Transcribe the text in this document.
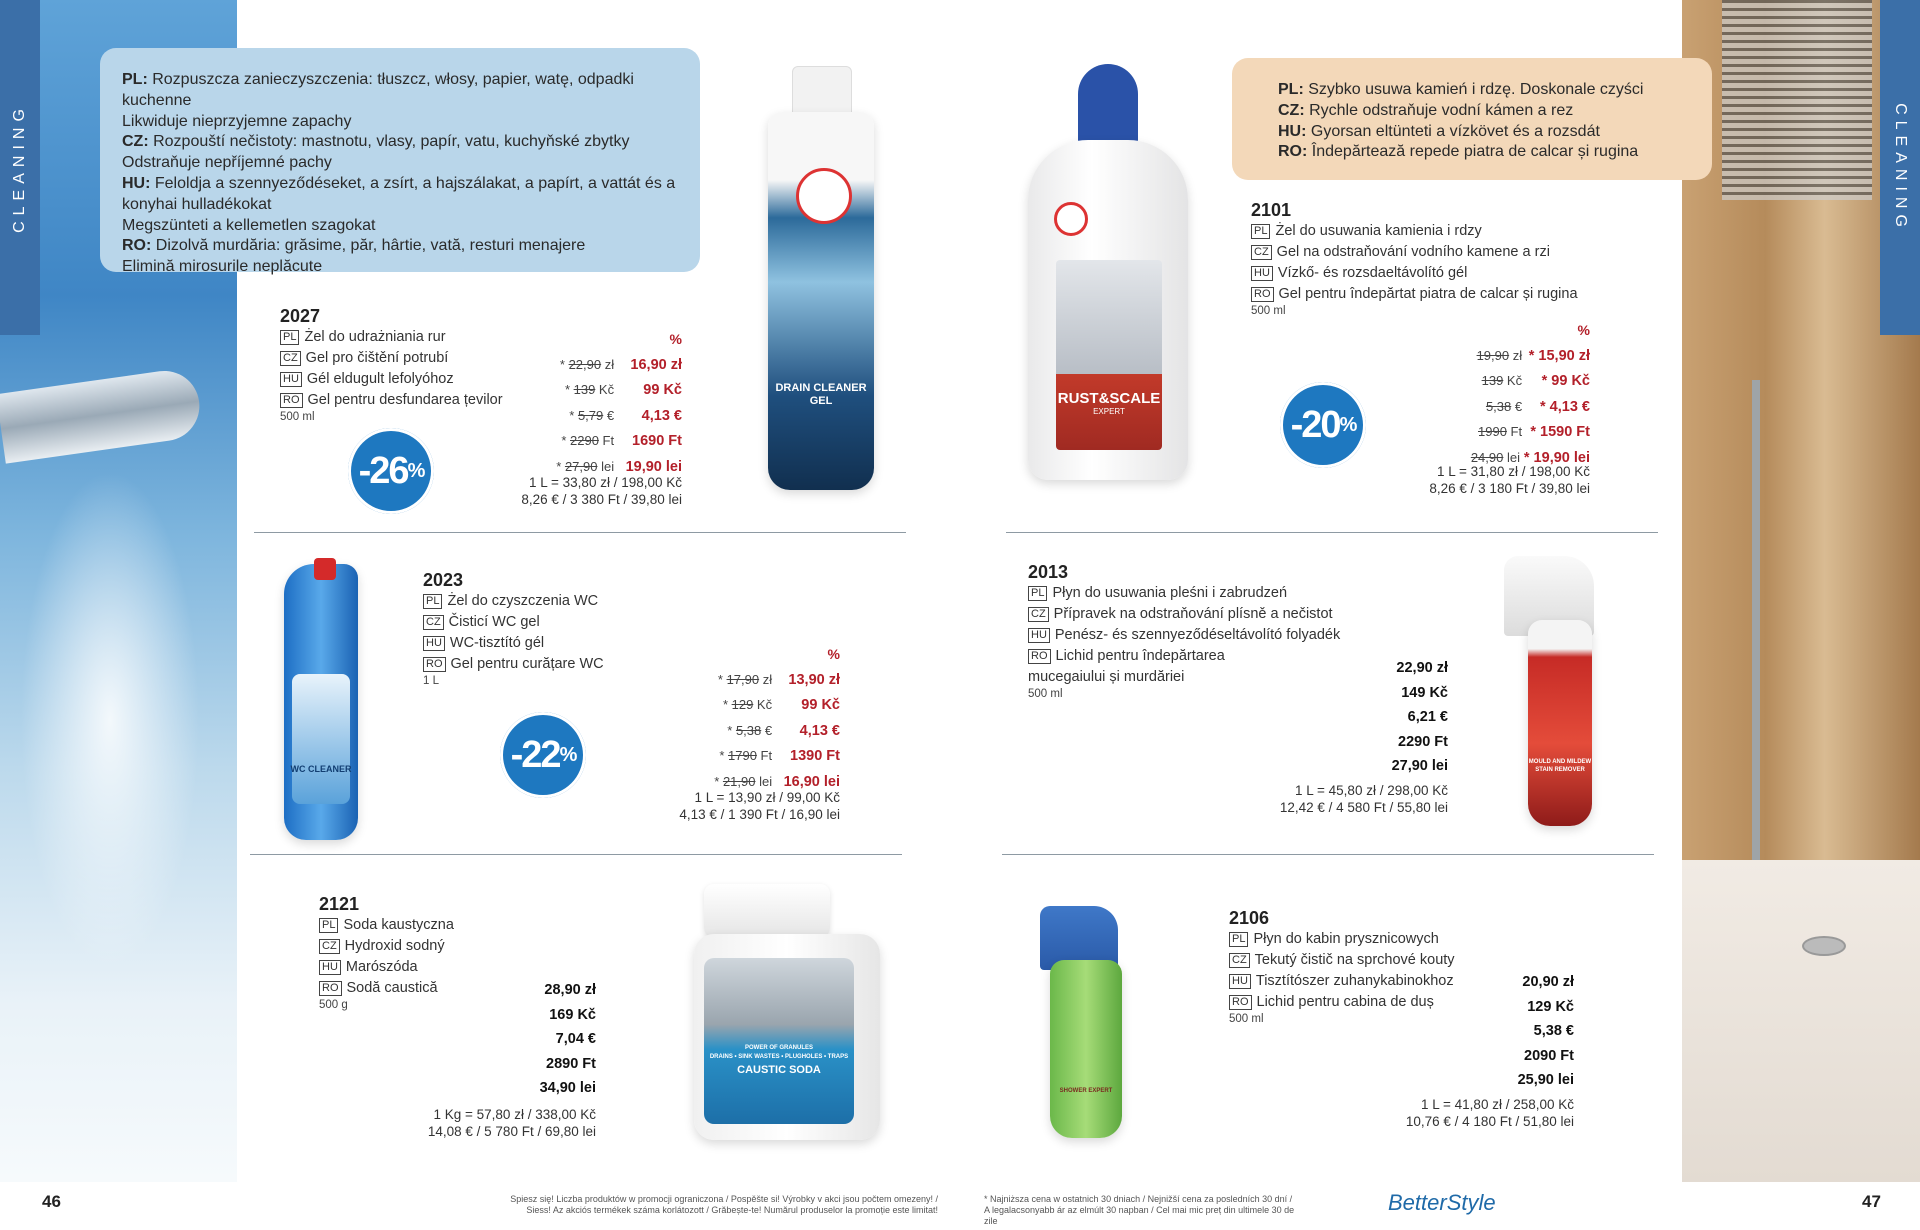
CLEANING	CLEANING
PL: Rozpuszcza zanieczyszczenia: tłuszcz, włosy, papier, watę, odpadki kuchenne
Likwiduje nieprzyjemne zapachy
CZ: Rozpouští nečistoty: mastnotu, vlasy, papír, vatu, kuchyňské zbytky
Odstraňuje nepříjemné pachy
HU: Feloldja a szennyeződéseket, a zsírt, a hajszálakat, a papírt, a vattát és a
konyhai hulladékokat
Megszünteti a kellemetlen szagokat
RO: Dizolvă murdăria: grăsime, păr, hârtie, vată, resturi menajere
Elimină mirosurile neplăcute
PL: Szybko usuwa kamień i rdzę. Doskonale czyści
CZ: Rychle odstraňuje vodní kámen a rez
HU: Gyorsan eltünteti a vízkövet és a rozsdát
RO: Îndepărtează repede piatra de calcar și rugina
2027
PL Żel do udrażniania rur
CZ Gel pro čištění potrubí
HU Gél eldugult lefolyóhoz
RO Gel pentru desfundarea țevilor
500 ml
%
* 22,90 zł 16,90 zł
* 139 Kč 99 Kč
* 5,79 € 4,13 €
* 2290 Ft 1690 Ft
* 27,90 lei 19,90 lei
1 L = 33,80 zł / 198,00 Kč
8,26 € / 3 380 Ft / 39,80 lei
-26 %
DRAIN CLEANER
GEL	RUST&SCALE
EXPERT
2101
PL Żel do usuwania kamienia i rdzy
CZ Gel na odstraňování vodního kamene a rzi
HU Vízkő- és rozsdaeltávolító gél
RO Gel pentru îndepărtat piatra de calcar și rugina
500 ml
%
19,90 zł * 15,90 zł
139 Kč * 99 Kč
5,38 € * 4,13 €
1990 Ft * 1590 Ft
24,90 lei * 19,90 lei
1 L = 31,80 zł / 198,00 Kč
8,26 € / 3 180 Ft / 39,80 lei
-20 %
WC CLEANER
2023
PL Żel do czyszczenia WC
CZ Čisticí WC gel
HU WC-tisztító gél
RO Gel pentru curățare WC
1 L
%
* 17,90 zł 13,90 zł
* 129 Kč 99 Kč
* 5,38 € 4,13 €
* 1790 Ft 1390 Ft
* 21,90 lei 16,90 lei
1 L = 13,90 zł / 99,00 Kč
4,13 € / 1 390 Ft / 16,90 lei
-22 %
2013
PL Płyn do usuwania pleśni i zabrudzeń
CZ Přípravek na odstraňování plísně a nečistot
HU Penész- és szennyeződéseltávolító folyadék
RO Lichid pentru îndepărtarea
mucegaiului și murdăriei
500 ml
22,90 zł
149 Kč
6,21 €
2290 Ft
27,90 lei
1 L = 45,80 zł / 298,00 Kč
12,42 € / 4 580 Ft / 55,80 lei
MOULD AND MILDEW
STAIN REMOVER
2121
PL Soda kaustyczna
CZ Hydroxid sodný
HU Marószóda
RO Sodă caustică
500 g
28,90 zł
169 Kč
7,04 €
2890 Ft
34,90 lei
1 Kg = 57,80 zł / 338,00 Kč
14,08 € / 5 780 Ft / 69,80 lei
POWER OF GRANULES
DRAINS • SINK WASTES • PLUGHOLES • TRAPS
CAUSTIC SODA
SHOWER EXPERT
2106
PL Płyn do kabin prysznicowych
CZ Tekutý čistič na sprchové kouty
HU Tisztítószer zuhanykabinokhoz
RO Lichid pentru cabina de duș
500 ml
20,90 zł
129 Kč
5,38 €
2090 Ft
25,90 lei
1 L = 41,80 zł / 258,00 Kč
10,76 € / 4 180 Ft / 51,80 lei
46	47
Spiesz się! Liczba produktów w promocji ograniczona / Pospěšte si! Výrobky v akci jsou počtem omezeny! /
Siess! Az akciós termékek száma korlátozott / Grăbește-te! Numărul produselor la promoție este limitat!
* Najniższa cena w ostatnich 30 dniach / Nejnižší cena za posledních 30 dní /
A legalacsonyabb ár az elmúlt 30 napban / Cel mai mic preț din ultimele 30 de zile
BetterStyle
